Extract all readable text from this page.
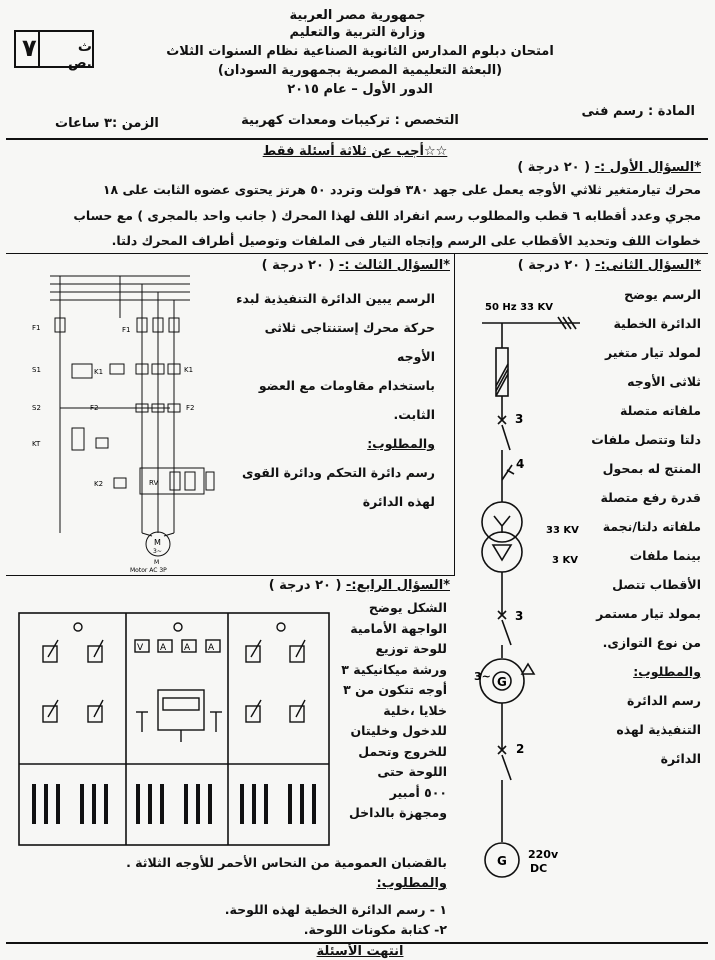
٧	ث .ص
جمهورية مصر العربية
وزارة التربية والتعليم
امتحان دبلوم المدارس الثانوية الصناعية نظام السنوات الثلاث
(البعثة التعليمية المصرية بجمهورية السودان)
الدور الأول – عام ٢٠١٥
المادة : رسم فنى
التخصص : تركيبات ومعدات كهربية
الزمن :٣ ساعات
☆☆أجب عن ثلاثة أسئلة فقط
*السؤال الأول :- ( ٢٠ درجة )
محرك تيارمتغير ثلاثي الأوجه يعمل على جهد ٣٨٠ فولت وتردد ٥٠ هرتز يحتوى عضوه الثابت على ١٨
مجري وعدد أقطابه ٦ قطب والمطلوب رسم انفراد اللف لهذا المحرك ( جانب واحد بالمجرى ) مع حساب
خطوات اللف وتحديد الأقطاب على الرسم وإتجاه التيار فى الملفات وتوصيل أطراف المحرك دلتا.
*السؤال الثانى:- ( ٢٠ درجة )
الرسم يوضح
الدائرة الخطية
لمولد تيار متغير
ثلاثى الأوجه
ملفاته متصلة
دلتا وتتصل ملفات
المنتج له بمحول
قدرة رفع متصلة
ملفاته دلتا/نجمة
بينما ملفات
الأقطاب تتصل
بمولد تيار مستمر
من نوع التوازى.
والمطلوب:
رسم الدائرة
التنفيذية لهذه
الدائرة
50 Hz 33 KV
3
4
33 KV
3 KV
3
3~ G
2
G 220v
DC
*السؤال الثالث :- ( ٢٠ درجة )
الرسم يبين الدائرة التنفيذية لبدء
حركة محرك إستنتاجى ثلاثى الأوجه
باستخدام مقاومات مع العضو
الثابت.
والمطلوب:
رسم دائرة التحكم ودائرة القوى
لهذه الدائرة
F1	F1
S1	K1	K1
S2	F2	F2
KT
K2	RV
M
3~
M
Motor AC 3P
*السؤال الرابع:- ( ٢٠ درجة )
الشكل يوضح
الواجهة الأمامية
للوحة توزيع
ورشة ميكانيكية ٣
أوجه تتكون من ٣
خلايا ،خلية
للدخول وخليتان
للخروج وتحمل
اللوحة حتى
٥٠٠ أمبير
ومجهزة بالداخل
بالقضبان العمومية من النحاس الأحمر للأوجه الثلاثة .
والمطلوب:
١ - رسم الدائرة الخطية لهذه اللوحة.
٢- كتابة مكونات اللوحة.
V A A A
انتهت الأسئلة
